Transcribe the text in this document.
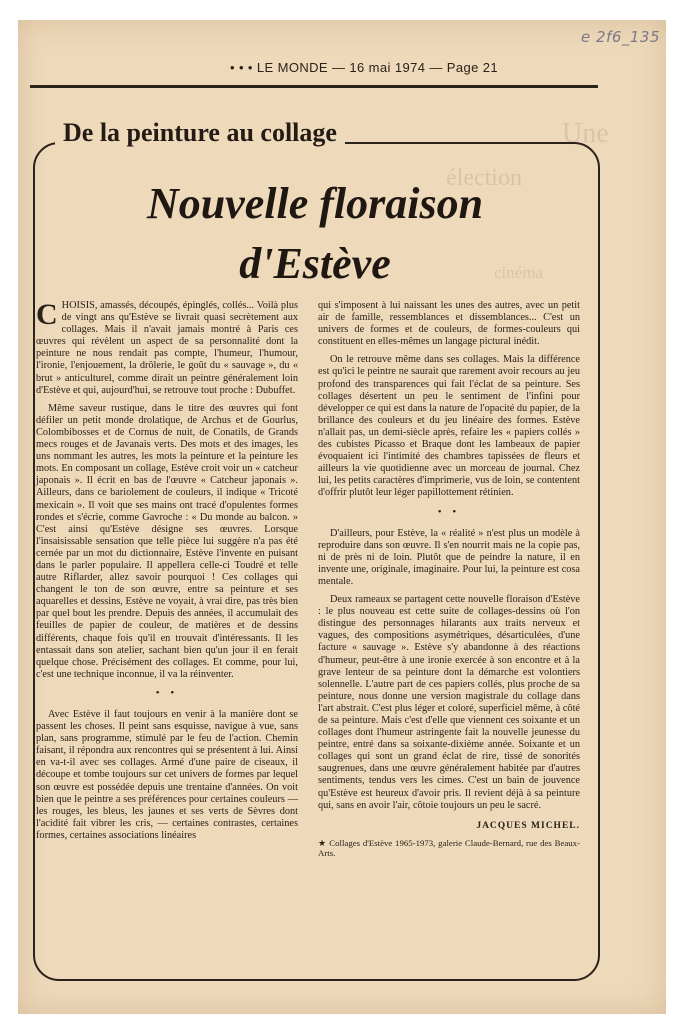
e 2f6_135
Une
élection
cinéma
• • • LE MONDE — 16 mai 1974 — Page 21
De la peinture au collage
Nouvelle floraison
d'Estève

CHOISIS, amassés, découpés, épinglés, collés... Voilà plus de vingt ans qu'Estève se livrait quasi secrètement aux collages. Mais il n'avait jamais montré à Paris ces œuvres qui révèlent un aspect de sa personnalité dont la peinture ne nous rendait pas compte, l'humeur, l'humour, l'ironie, l'enjouement, la drôlerie, le goût du « sauvage », du « brut » anticulturel, comme dirait un peintre généralement loin d'Estève et qui, aujourd'hui, se retrouve tout proche : Dubuffet.

Même saveur rustique, dans le titre des œuvres qui font défiler un petit monde drolatique, de Archus et de Gourlus, Colombibosses et de Cornus de nuit, de Conatils, de Grands mecs rouges et de Javanais verts. Des mots et des images, les uns nommant les autres, les mots la peinture et la peinture les mots. En composant un collage, Estève croit voir un « catcheur japonais ». Il écrit en bas de l'œuvre « Catcheur japonais ». Ailleurs, dans ce bariolement de couleurs, il indique « Tricoté mexicain ». Il voit que ses mains ont tracé d'opulentes formes rondes et s'écrie, comme Gavroche : « Du monde au balcon. » C'est ainsi qu'Estève désigne ses œuvres. Lorsque l'insaisissable sensation que telle pièce lui suggère n'a pas été cernée par un mot du dictionnaire, Estève l'invente en puisant dans le parler populaire. Il appellera celle-ci Toudré et telle autre Riflarder, allez savoir pourquoi ! Ces collages qui changent le ton de son œuvre, entre sa peinture et ses aquarelles et dessins, Estève ne voyait, à vrai dire, pas très bien par quel bout les prendre. Depuis des années, il accumulait des feuilles de papier de couleur, de matières et de dessins différents, chaque fois qu'il en trouvait d'intéressants. Il les entassait dans son atelier, sachant bien qu'un jour il en ferait quelque chose. Précisément des collages. Et comme, pour lui, c'est une technique inconnue, il va la réinventer.

• •

Avec Estève il faut toujours en venir à la manière dont se passent les choses. Il peint sans esquisse, navigue à vue, sans plan, sans programme, stimulé par le feu de l'action. Chemin faisant, il répondra aux rencontres qui se présentent à lui. Ainsi en va-t-il avec ses collages. Armé d'une paire de ciseaux, il découpe et tombe toujours sur cet univers de formes par lequel son œuvre est possédée depuis une trentaine d'années. On voit bien que le peintre a ses préférences pour certaines couleurs — les rouges, les bleus, les jaunes et ses verts de Sèvres dont l'acidité fait vibrer les cris, — certaines contrastes, certaines formes, certaines associations linéaires

qui s'imposent à lui naissant les unes des autres, avec un petit air de famille, ressemblances et dissemblances... C'est un univers de formes et de couleurs, de formes-couleurs qui constituent en elles-mêmes un langage pictural inédit.

On le retrouve même dans ses collages. Mais la différence est qu'ici le peintre ne saurait que rarement avoir recours au jeu profond des transparences qui fait l'éclat de sa peinture. Ses collages désertent un peu le sentiment de l'infini pour développer ce qui est dans la nature de l'opacité du papier, de la brillance des couleurs et du jeu linéaire des formes. Estève n'allait pas, un demi-siècle après, refaire les « papiers collés » des cubistes Picasso et Braque dont les lambeaux de papier évoquaient ici l'intimité des chambres tapissées de fleurs et ailleurs la vie quotidienne avec un morceau de journal. Chez lui, les petits caractères d'imprimerie, vus de loin, se contentent d'offrir plutôt leur léger papillottement rétinien.

• •

D'ailleurs, pour Estève, la « réalité » n'est plus un modèle à reproduire dans son œuvre. Il s'en nourrit mais ne la copie pas, ni de près ni de loin. Plutôt que de peindre la nature, il en invente une, originale, imaginaire. Pour lui, la peinture est cosa mentale.

Deux rameaux se partagent cette nouvelle floraison d'Estève : le plus nouveau est cette suite de collages-dessins où l'on distingue des personnages hilarants aux traits nerveux et vagues, des compositions asymétriques, désarticulées, d'une facture « sauvage ». Estève s'y abandonne à des réactions d'humeur, peut-être à une ironie exercée à son encontre et à la grave lenteur de sa peinture dont la démarche est volontiers solennelle. L'autre part de ces papiers collés, plus proche de sa peinture, nous donne une version magistrale du collage dans l'art abstrait. C'est plus léger et coloré, superficiel même, à côté de sa peinture. Mais c'est d'elle que viennent ces soixante et un collages dont l'humeur astringente fait la nouvelle jeunesse du peintre, entré dans sa soixante-dixième année. Soixante et un collages qui sont un grand éclat de rire, tissé de sonorités saugrenues, dans une œuvre généralement habitée par d'autres sentiments, tendus vers les cimes. C'est un bain de jouvence qu'Estève est heureux d'avoir pris. Il revient déjà à sa peinture qui, sans en avoir l'air, côtoie toujours un peu le sacré.

JACQUES MICHEL.
★ Collages d'Estève 1965-1973, galerie Claude-Bernard, rue des Beaux-Arts.
